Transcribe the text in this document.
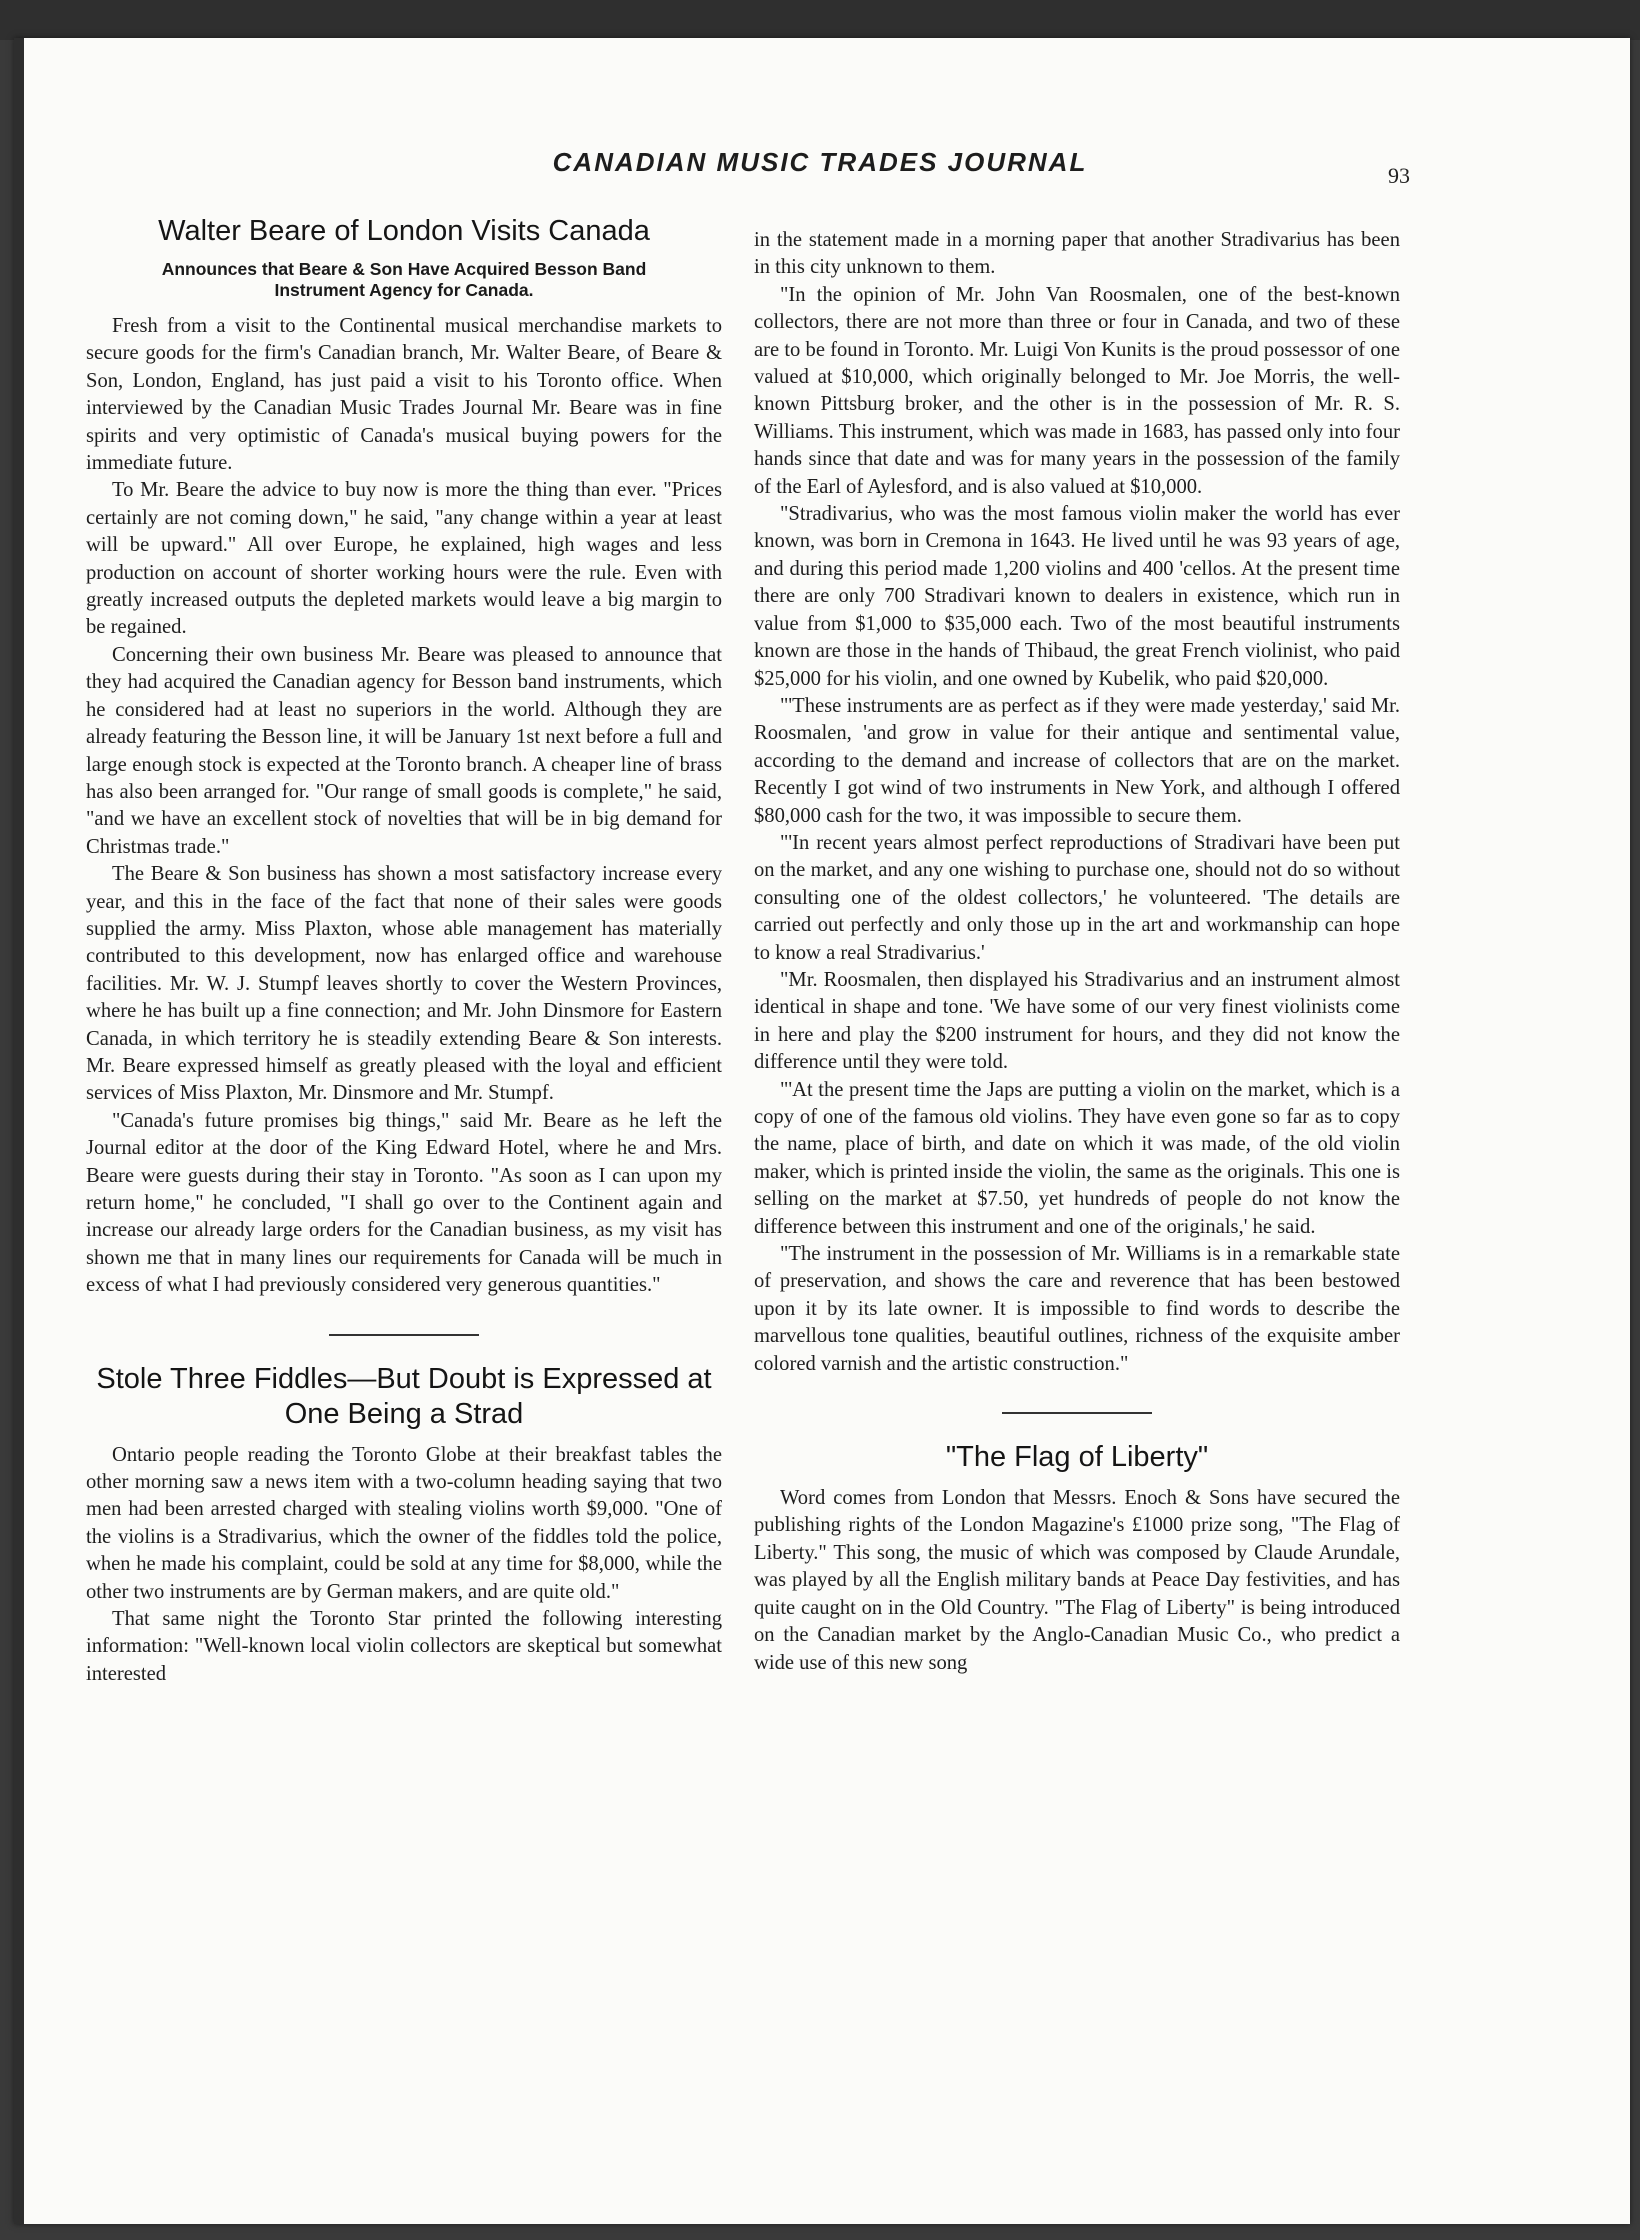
CANADIAN MUSIC TRADES JOURNAL	93
Walter Beare of London Visits Canada
Announces that Beare & Son Have Acquired Besson Band Instrument Agency for Canada.

Fresh from a visit to the Continental musical merchandise markets to secure goods for the firm's Canadian branch, Mr. Walter Beare, of Beare & Son, London, England, has just paid a visit to his Toronto office. When interviewed by the Canadian Music Trades Journal Mr. Beare was in fine spirits and very optimistic of Canada's musical buying powers for the immediate future.

To Mr. Beare the advice to buy now is more the thing than ever. "Prices certainly are not coming down," he said, "any change within a year at least will be upward." All over Europe, he explained, high wages and less production on account of shorter working hours were the rule. Even with greatly increased outputs the depleted markets would leave a big margin to be regained.

Concerning their own business Mr. Beare was pleased to announce that they had acquired the Canadian agency for Besson band instruments, which he considered had at least no superiors in the world. Although they are already featuring the Besson line, it will be January 1st next before a full and large enough stock is expected at the Toronto branch. A cheaper line of brass has also been arranged for. "Our range of small goods is complete," he said, "and we have an excellent stock of novelties that will be in big demand for Christmas trade."

The Beare & Son business has shown a most satisfactory increase every year, and this in the face of the fact that none of their sales were goods supplied the army. Miss Plaxton, whose able management has materially contributed to this development, now has enlarged office and warehouse facilities. Mr. W. J. Stumpf leaves shortly to cover the Western Provinces, where he has built up a fine connection; and Mr. John Dinsmore for Eastern Canada, in which territory he is steadily extending Beare & Son interests. Mr. Beare expressed himself as greatly pleased with the loyal and efficient services of Miss Plaxton, Mr. Dinsmore and Mr. Stumpf.

"Canada's future promises big things," said Mr. Beare as he left the Journal editor at the door of the King Edward Hotel, where he and Mrs. Beare were guests during their stay in Toronto. "As soon as I can upon my return home," he concluded, "I shall go over to the Continent again and increase our already large orders for the Canadian business, as my visit has shown me that in many lines our requirements for Canada will be much in excess of what I had previously considered very generous quantities."

Stole Three Fiddles—But Doubt is Expressed at One Being a Strad

Ontario people reading the Toronto Globe at their breakfast tables the other morning saw a news item with a two-column heading saying that two men had been arrested charged with stealing violins worth $9,000. "One of the violins is a Stradivarius, which the owner of the fiddles told the police, when he made his complaint, could be sold at any time for $8,000, while the other two instruments are by German makers, and are quite old."

That same night the Toronto Star printed the following interesting information: "Well-known local violin collectors are skeptical but somewhat interested

in the statement made in a morning paper that another Stradivarius has been in this city unknown to them.

"In the opinion of Mr. John Van Roosmalen, one of the best-known collectors, there are not more than three or four in Canada, and two of these are to be found in Toronto. Mr. Luigi Von Kunits is the proud possessor of one valued at $10,000, which originally belonged to Mr. Joe Morris, the well-known Pittsburg broker, and the other is in the possession of Mr. R. S. Williams. This instrument, which was made in 1683, has passed only into four hands since that date and was for many years in the possession of the family of the Earl of Aylesford, and is also valued at $10,000.

"Stradivarius, who was the most famous violin maker the world has ever known, was born in Cremona in 1643. He lived until he was 93 years of age, and during this period made 1,200 violins and 400 'cellos. At the present time there are only 700 Stradivari known to dealers in existence, which run in value from $1,000 to $35,000 each. Two of the most beautiful instruments known are those in the hands of Thibaud, the great French violinist, who paid $25,000 for his violin, and one owned by Kubelik, who paid $20,000.

"'These instruments are as perfect as if they were made yesterday,' said Mr. Roosmalen, 'and grow in value for their antique and sentimental value, according to the demand and increase of collectors that are on the market. Recently I got wind of two instruments in New York, and although I offered $80,000 cash for the two, it was impossible to secure them.

"'In recent years almost perfect reproductions of Stradivari have been put on the market, and any one wishing to purchase one, should not do so without consulting one of the oldest collectors,' he volunteered. 'The details are carried out perfectly and only those up in the art and workmanship can hope to know a real Stradivarius.'

"Mr. Roosmalen, then displayed his Stradivarius and an instrument almost identical in shape and tone. 'We have some of our very finest violinists come in here and play the $200 instrument for hours, and they did not know the difference until they were told.

"'At the present time the Japs are putting a violin on the market, which is a copy of one of the famous old violins. They have even gone so far as to copy the name, place of birth, and date on which it was made, of the old violin maker, which is printed inside the violin, the same as the originals. This one is selling on the market at $7.50, yet hundreds of people do not know the difference between this instrument and one of the originals,' he said.

"The instrument in the possession of Mr. Williams is in a remarkable state of preservation, and shows the care and reverence that has been bestowed upon it by its late owner. It is impossible to find words to describe the marvellous tone qualities, beautiful outlines, richness of the exquisite amber colored varnish and the artistic construction."

"The Flag of Liberty"

Word comes from London that Messrs. Enoch & Sons have secured the publishing rights of the London Magazine's £1000 prize song, "The Flag of Liberty." This song, the music of which was composed by Claude Arundale, was played by all the English military bands at Peace Day festivities, and has quite caught on in the Old Country. "The Flag of Liberty" is being introduced on the Canadian market by the Anglo-Canadian Music Co., who predict a wide use of this new song
